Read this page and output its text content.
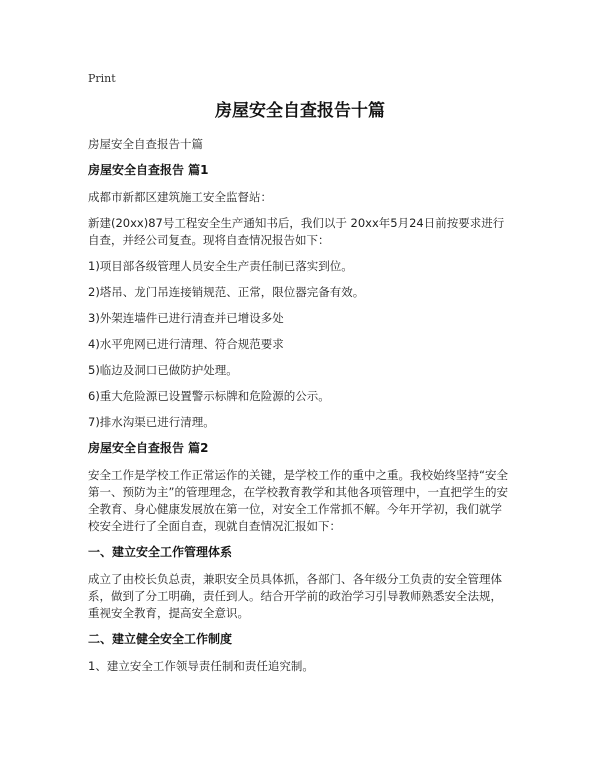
Print
房屋安全自查报告十篇
房屋安全自查报告十篇
房屋安全自查报告 篇1
成都市新都区建筑施工安全监督站：
新建(20xx)87号工程安全生产通知书后，我们以于 20xx年5月24日前按要求进行自查，并经公司复查。现将自查情况报告如下：
1)项目部各级管理人员安全生产责任制已落实到位。
2)塔吊、龙门吊连接销规范、正常，限位器完备有效。
3)外架连墙件已进行清查并已增设多处
4)水平兜网已进行清理、符合规范要求
5)临边及洞口已做防护处理。
6)重大危险源已设置警示标牌和危险源的公示。
7)排水沟渠已进行清理。
房屋安全自查报告 篇2
安全工作是学校工作正常运作的关键，是学校工作的重中之重。我校始终坚持“安全第一、预防为主”的管理理念，在学校教育教学和其他各项管理中，一直把学生的安全教育、身心健康发展放在第一位，对安全工作常抓不解。今年开学初，我们就学校安全进行了全面自查，现就自查情况汇报如下：
一、建立安全工作管理体系
成立了由校长负总责，兼职安全员具体抓，各部门、各年级分工负责的安全管理体系，做到了分工明确，责任到人。结合开学前的政治学习引导教师熟悉安全法规，重视安全教育，提高安全意识。
二、建立健全安全工作制度
1、建立安全工作领导责任制和责任追究制。
